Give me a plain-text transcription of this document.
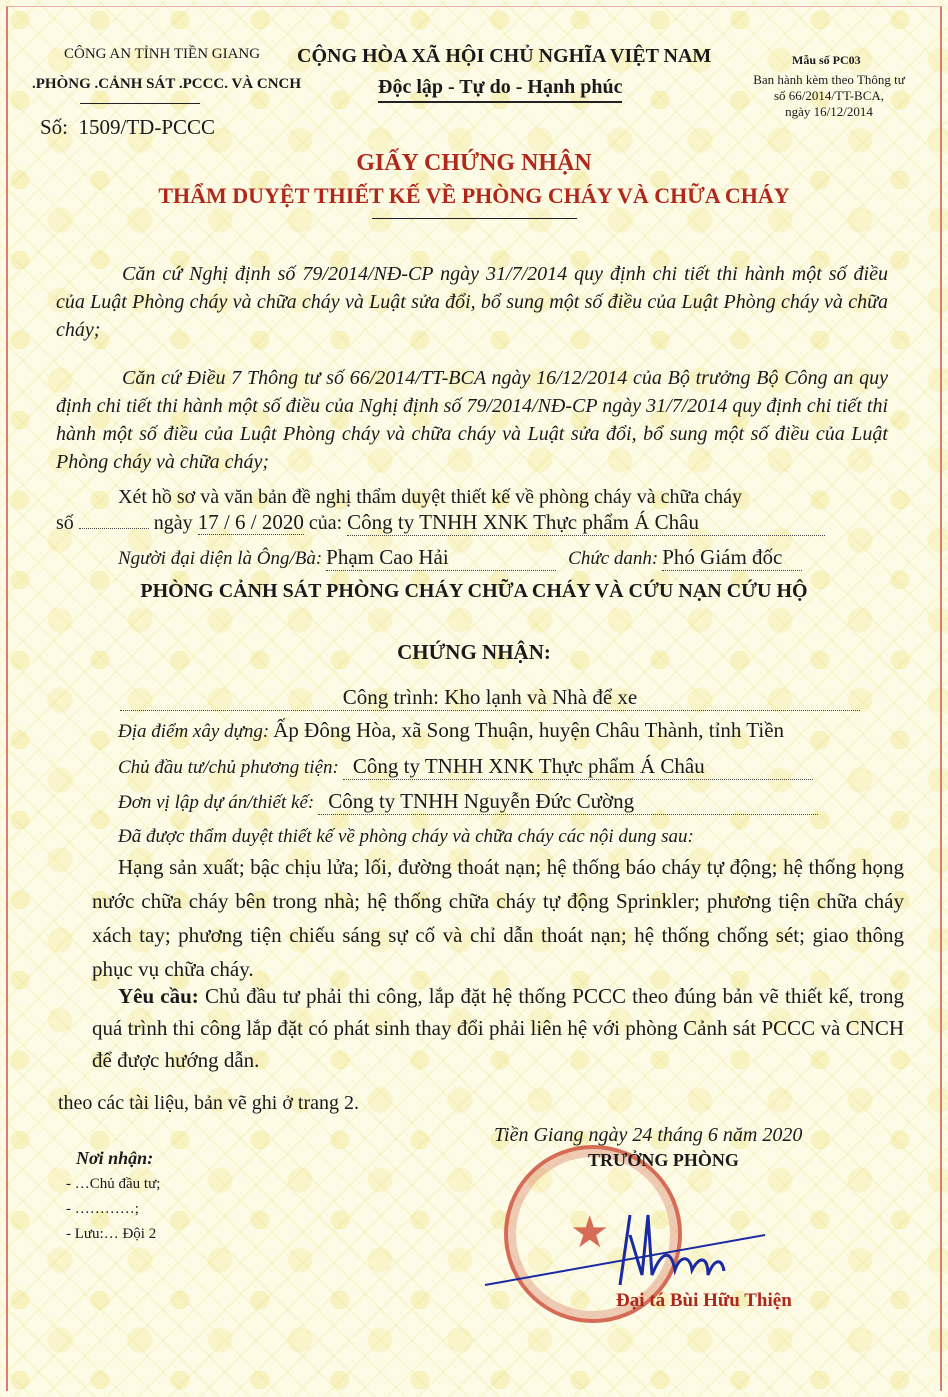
CÔNG AN TỈNH TIỀN GIANG
.PHÒNG .CẢNH SÁT .PCCC. VÀ CNCH
CỘNG HÒA XÃ HỘI CHỦ NGHĨA VIỆT NAM
Độc lập - Tự do - Hạnh phúc
Mẫu số PC03
Ban hành kèm theo Thông tư
số 66/2014/TT-BCA,
ngày 16/12/2014
Số: 1509/TD-PCCC
GIẤY CHỨNG NHẬN
THẨM DUYỆT THIẾT KẾ VỀ PHÒNG CHÁY VÀ CHỮA CHÁY

Căn cứ Nghị định số 79/2014/NĐ-CP ngày 31/7/2014 quy định chi tiết thi hành một số điều của Luật Phòng cháy và chữa cháy và Luật sửa đổi, bổ sung một số điều của Luật Phòng cháy và chữa cháy;

Căn cứ Điều 7 Thông tư số 66/2014/TT-BCA ngày 16/12/2014 của Bộ trưởng Bộ Công an quy định chi tiết thi hành một số điều của Nghị định số 79/2014/NĐ-CP ngày 31/7/2014 quy định chi tiết thi hành một số điều của Luật Phòng cháy và chữa cháy và Luật sửa đổi, bổ sung một số điều của Luật Phòng cháy và chữa cháy;

Xét hồ sơ và văn bản đề nghị thẩm duyệt thiết kế về phòng cháy và chữa cháy
số	ngày 17 / 6 / 2020 của: Công ty TNHH XNK Thực phẩm Á Châu
Người đại diện là Ông/Bà: Phạm Cao Hải	Chức danh: Phó Giám đốc
PHÒNG CẢNH SÁT PHÒNG CHÁY CHỮA CHÁY VÀ CỨU NẠN CỨU HỘ
CHỨNG NHẬN:
Công trình: Kho lạnh và Nhà để xe
Địa điểm xây dựng: Ấp Đông Hòa, xã Song Thuận, huyện Châu Thành, tỉnh Tiền
Chủ đầu tư/chủ phương tiện: Công ty TNHH XNK Thực phẩm Á Châu
Đơn vị lập dự án/thiết kế: Công ty TNHH Nguyễn Đức Cường
Đã được thẩm duyệt thiết kế về phòng cháy và chữa cháy các nội dung sau:

Hạng sản xuất; bậc chịu lửa; lối, đường thoát nạn; hệ thống báo cháy tự động; hệ thống họng nước chữa cháy bên trong nhà; hệ thống chữa cháy tự động Sprinkler; phương tiện chữa cháy xách tay; phương tiện chiếu sáng sự cố và chỉ dẫn thoát nạn; hệ thống chống sét; giao thông phục vụ chữa cháy.

Yêu cầu: Chủ đầu tư phải thi công, lắp đặt hệ thống PCCC theo đúng bản vẽ thiết kế, trong quá trình thi công lắp đặt có phát sinh thay đổi phải liên hệ với phòng Cảnh sát PCCC và CNCH để được hướng dẫn.
theo các tài liệu, bản vẽ ghi ở trang 2.
Tiền Giang ngày 24 tháng 6 năm 2020
★
TRƯỞNG PHÒNG
Đại tá Bùi Hữu Thiện
Nơi nhận:
- …Chủ đầu tư;
- …………;
- Lưu:… Đội 2
